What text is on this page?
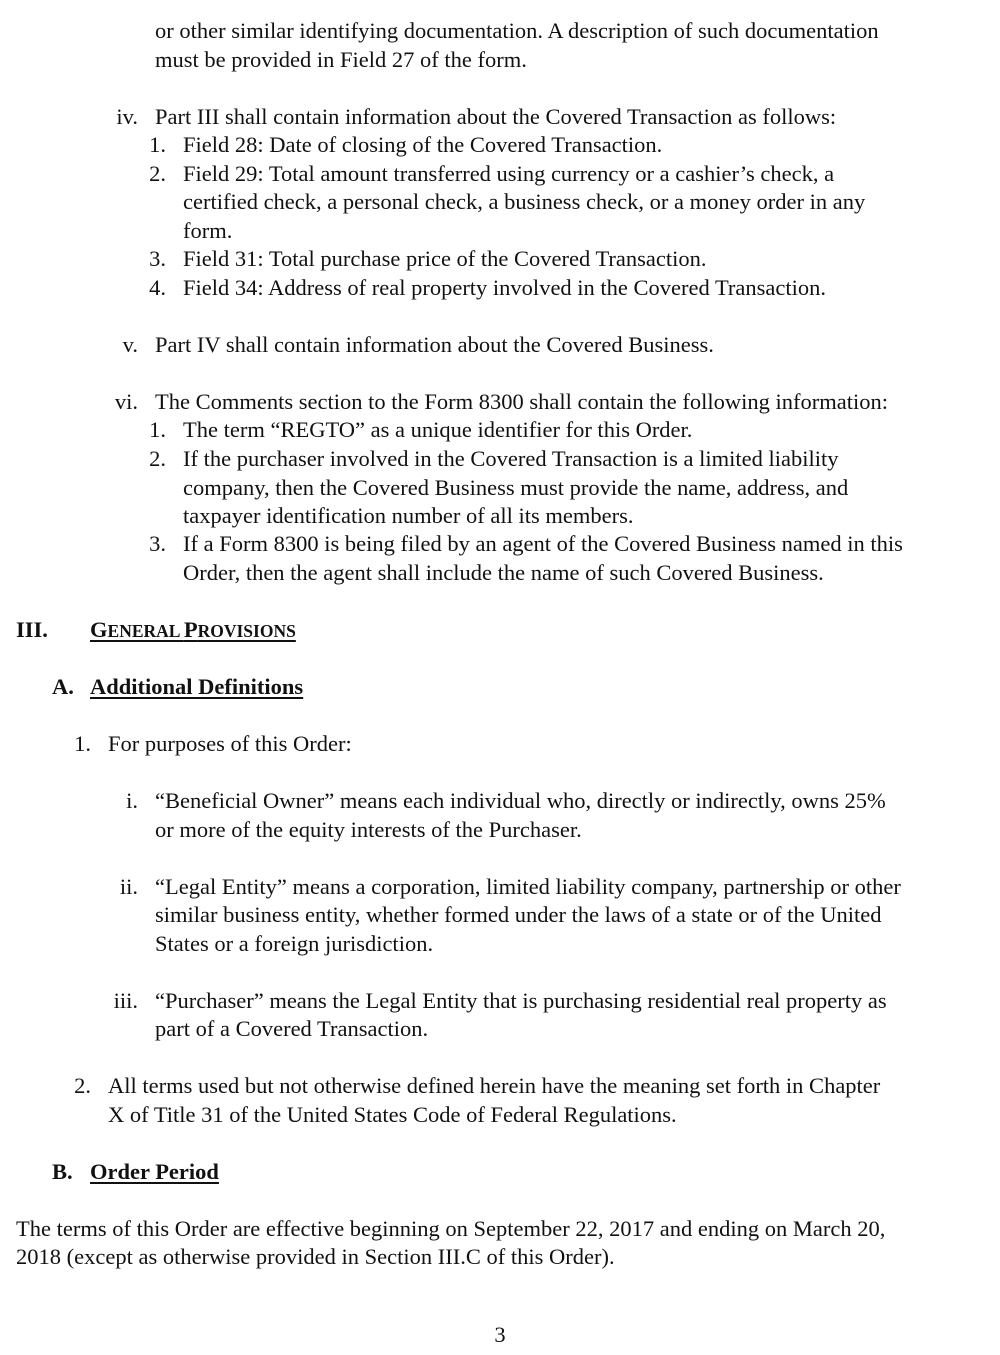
or other similar identifying documentation. A description of such documentation
must be provided in Field 27 of the form.
iv. Part III shall contain information about the Covered Transaction as follows:
1. Field 28: Date of closing of the Covered Transaction.
2. Field 29: Total amount transferred using currency or a cashier’s check, a
certified check, a personal check, a business check, or a money order in any
form.
3. Field 31: Total purchase price of the Covered Transaction.
4. Field 34: Address of real property involved in the Covered Transaction.
v. Part IV shall contain information about the Covered Business.
vi. The Comments section to the Form 8300 shall contain the following information:
1. The term “REGTO” as a unique identifier for this Order.
2. If the purchaser involved in the Covered Transaction is a limited liability
company, then the Covered Business must provide the name, address, and
taxpayer identification number of all its members.
3. If a Form 8300 is being filed by an agent of the Covered Business named in this
Order, then the agent shall include the name of such Covered Business.
III. GENERAL PROVISIONS
A. Additional Definitions
1. For purposes of this Order:
i. “Beneficial Owner” means each individual who, directly or indirectly, owns 25%
or more of the equity interests of the Purchaser.
ii. “Legal Entity” means a corporation, limited liability company, partnership or other
similar business entity, whether formed under the laws of a state or of the United
States or a foreign jurisdiction.
iii. “Purchaser” means the Legal Entity that is purchasing residential real property as
part of a Covered Transaction.
2. All terms used but not otherwise defined herein have the meaning set forth in Chapter
X of Title 31 of the United States Code of Federal Regulations.
B. Order Period
The terms of this Order are effective beginning on September 22, 2017 and ending on March 20,
2018 (except as otherwise provided in Section III.C of this Order).
3
